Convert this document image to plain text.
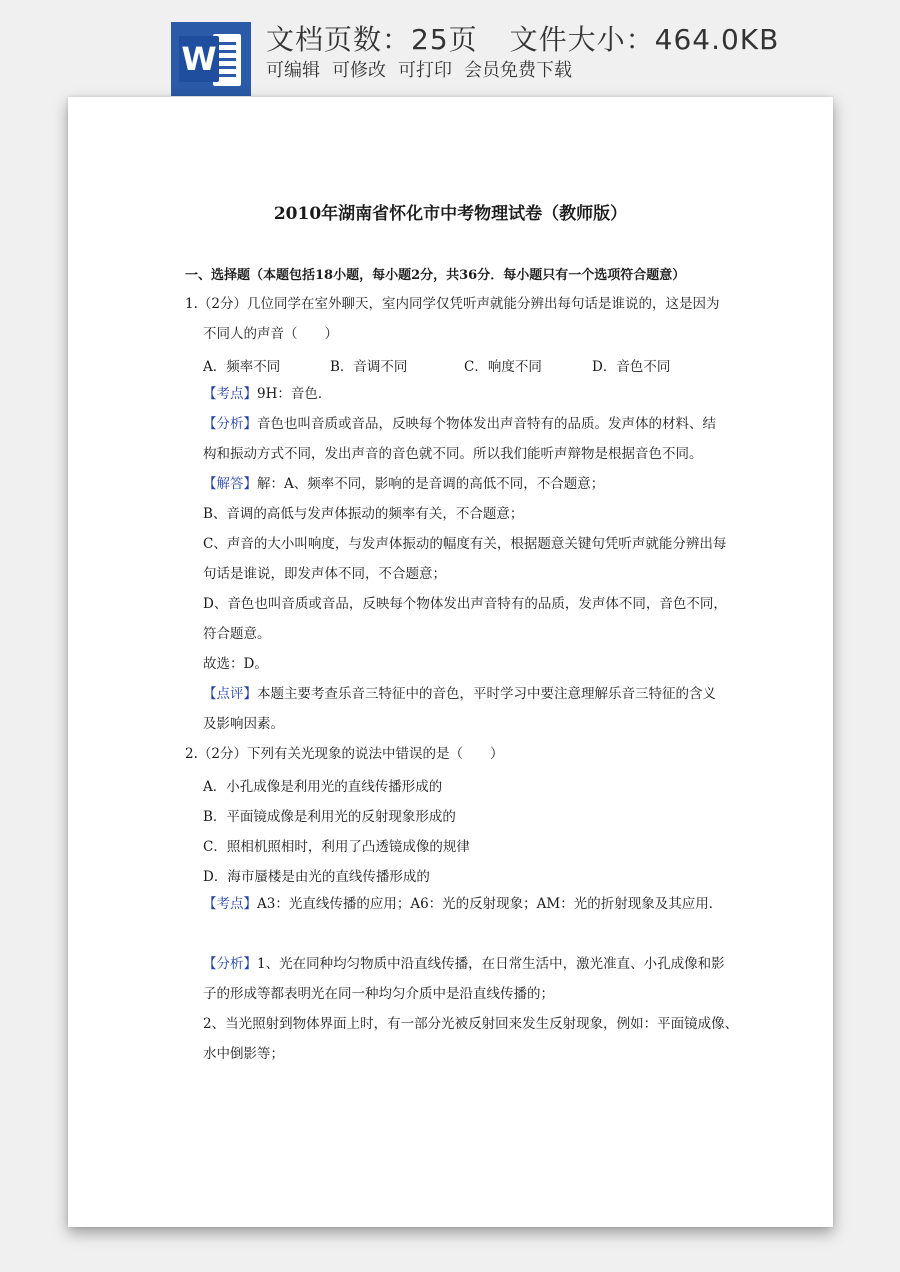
W
文档页数：25页 文件大小：464.0KB
可编辑 可修改 可打印 会员免费下载
2010年湖南省怀化市中考物理试卷（教师版）
一、选择题（本题包括18小题，每小题2分，共36分．每小题只有一个选项符合题意）
1.（2分）几位同学在室外聊天，室内同学仅凭听声就能分辨出每句话是谁说的，这是因为
不同人的声音（　　）
A．频率不同	B．音调不同	C．响度不同	D．音色不同
【考点】9H：音色．
【分析】音色也叫音质或音品，反映每个物体发出声音特有的品质。发声体的材料、结
构和振动方式不同，发出声音的音色就不同。所以我们能听声辩物是根据音色不同。
【解答】解：A、频率不同，影响的是音调的高低不同，不合题意；
B、音调的高低与发声体振动的频率有关，不合题意；
C、声音的大小叫响度，与发声体振动的幅度有关，根据题意关键句凭听声就能分辨出每
句话是谁说，即发声体不同，不合题意；
D、音色也叫音质或音品，反映每个物体发出声音特有的品质，发声体不同，音色不同，
符合题意。
故选：D。
【点评】本题主要考查乐音三特征中的音色，平时学习中要注意理解乐音三特征的含义
及影响因素。
2.（2分）下列有关光现象的说法中错误的是（　　）
A．小孔成像是利用光的直线传播形成的
B．平面镜成像是利用光的反射现象形成的
C．照相机照相时，利用了凸透镜成像的规律
D．海市蜃楼是由光的直线传播形成的
【考点】A3：光直线传播的应用；A6：光的反射现象；AM：光的折射现象及其应用．
【分析】1、光在同种均匀物质中沿直线传播，在日常生活中，激光准直、小孔成像和影
子的形成等都表明光在同一种均匀介质中是沿直线传播的；
2、当光照射到物体界面上时，有一部分光被反射回来发生反射现象，例如：平面镜成像、
水中倒影等；
